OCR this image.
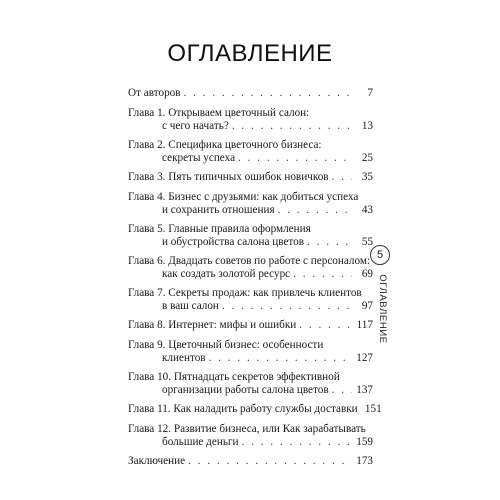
ОГЛАВЛЕНИЕ
От авторов . . .	7
Глава 1. Открываем цветочный салон:
с чего начать? . . .	13
Глава 2. Специфика цветочного бизнеса:
секреты успеха . . .	25
Глава 3. Пять типичных ошибок новичков . . .	35
Глава 4. Бизнес с друзьями: как добиться успеха
и сохранить отношения . . .	43
Глава 5. Главные правила оформления
и обустройства салона цветов . . .	55
Глава 6. Двадцать советов по работе с персоналом:
как создать золотой ресурс . . .	69
Глава 7. Секреты продаж: как привлечь клиентов
в ваш салон . . .	97
Глава 8. Интернет: мифы и ошибки . . .	117
Глава 9. Цветочный бизнес: особенности
клиентов . . .	127
Глава 10. Пятнадцать секретов эффективной
организации работы салона цветов . . . 137
Глава 11. Как наладить работу службы доставки 151
Глава 12. Развитие бизнеса, или Как зарабатывать
большие деньги . . .	159
Заключение . . .	173
5
ОГЛАВЛЕНИЕ
